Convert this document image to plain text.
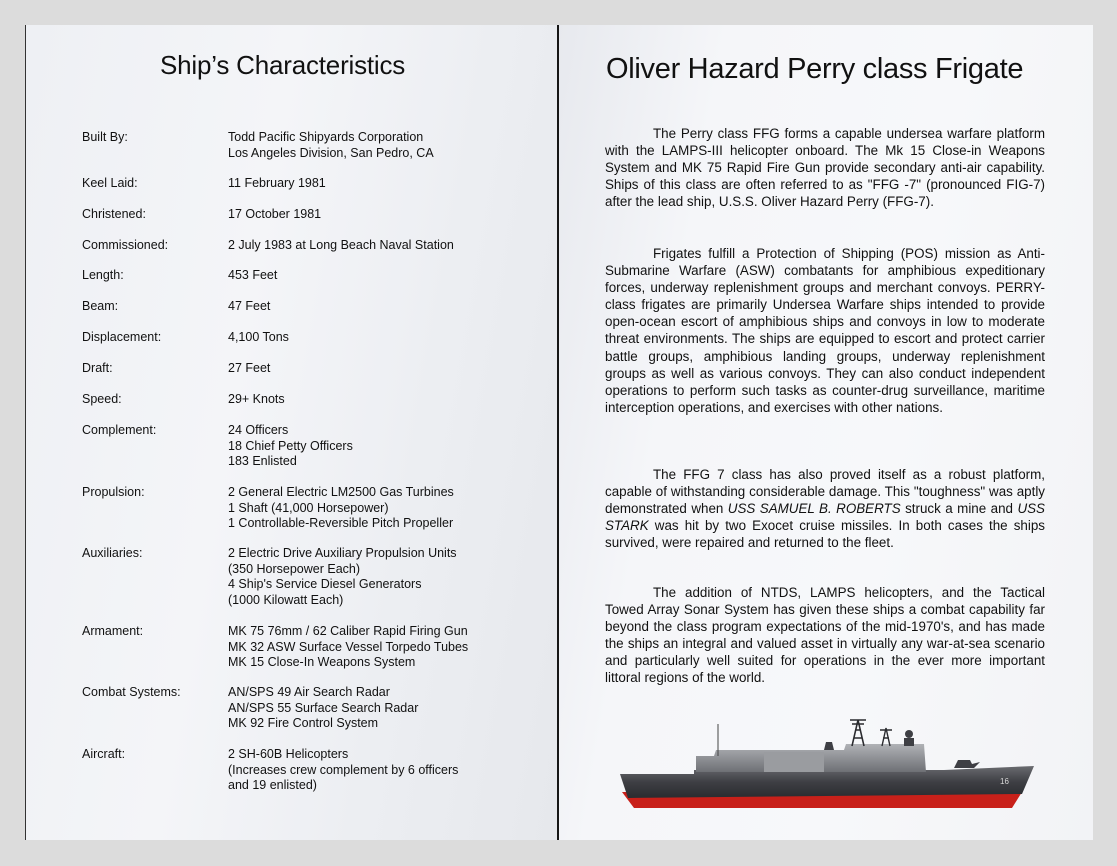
Ship’s Characteristics
Built By:	Todd Pacific Shipyards Corporation
Los Angeles Division, San Pedro, CA
Keel Laid:	11 February 1981
Christened:	17 October 1981
Commissioned:	2 July 1983 at Long Beach Naval Station
Length:	453 Feet
Beam:	47 Feet
Displacement:	4,100 Tons
Draft:	27 Feet
Speed:	29+ Knots
Complement:	24 Officers
18 Chief Petty Officers
183 Enlisted
Propulsion:	2 General Electric LM2500 Gas Turbines
1 Shaft (41,000 Horsepower)
1 Controllable-Reversible Pitch Propeller
Auxiliaries:	2 Electric Drive Auxiliary Propulsion Units
(350 Horsepower Each)
4 Ship's Service Diesel Generators
(1000 Kilowatt Each)
Armament:	MK 75 76mm / 62 Caliber Rapid Firing Gun
MK 32 ASW Surface Vessel Torpedo Tubes
MK 15 Close-In Weapons System
Combat Systems:	AN/SPS 49 Air Search Radar
AN/SPS 55 Surface Search Radar
MK 92 Fire Control System
Aircraft:	2 SH-60B Helicopters
(Increases crew complement by 6 officers
and 19 enlisted)
Oliver Hazard Perry class Frigate

The Perry class FFG forms a capable undersea warfare platform with the LAMPS-III helicopter onboard. The Mk 15 Close-in Weapons System and MK 75 Rapid Fire Gun provide secondary anti-air capability. Ships of this class are often referred to as "FFG -7" (pronounced FIG-7) after the lead ship, U.S.S. Oliver Hazard Perry (FFG-7).

Frigates fulfill a Protection of Shipping (POS) mission as Anti-Submarine Warfare (ASW) combatants for amphibious expeditionary forces, underway replenishment groups and merchant convoys. PERRY-class frigates are primarily Undersea Warfare ships intended to provide open-ocean escort of amphibious ships and convoys in low to moderate threat environments. The ships are equipped to escort and protect carrier battle groups, amphibious landing groups, underway replenishment groups as well as various convoys. They can also conduct independent operations to perform such tasks as counter-drug surveillance, maritime interception operations, and exercises with other nations.

The FFG 7 class has also proved itself as a robust platform, capable of withstanding considerable damage. This "toughness" was aptly demonstrated when USS SAMUEL B. ROBERTS struck a mine and USS STARK was hit by two Exocet cruise missiles. In both cases the ships survived, were repaired and returned to the fleet.

The addition of NTDS, LAMPS helicopters, and the Tactical Towed Array Sonar System has given these ships a combat capability far beyond the class program expectations of the mid-1970's, and has made the ships an integral and valued asset in virtually any war-at-sea scenario and particularly well suited for operations in the ever more important littoral regions of the world.

16
